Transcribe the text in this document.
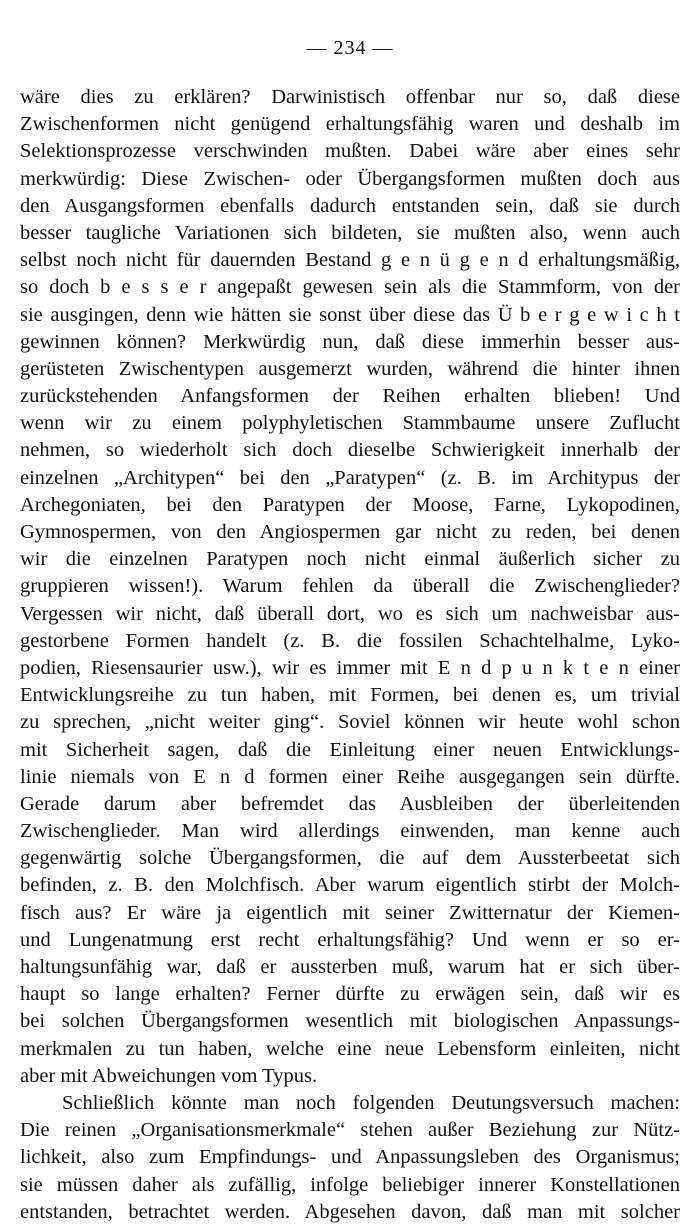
— 234 —
wäre dies zu erklären? Darwinistisch offenbar nur so, daß diese
Zwischenformen nicht genügend erhaltungsfähig waren und deshalb im
Selektionsprozesse verschwinden mußten. Dabei wäre aber eines sehr
merkwürdig: Diese Zwischen- oder Übergangsformen mußten doch aus
den Ausgangsformen ebenfalls dadurch entstanden sein, daß sie durch
besser taugliche Variationen sich bildeten, sie mußten also, wenn auch
selbst noch nicht für dauernden Bestand g e n ü g e n d erhaltungsmäßig,
so doch b e s s e r angepaßt gewesen sein als die Stammform, von der
sie ausgingen, denn wie hätten sie sonst über diese das Ü b e r g e w i c h t
gewinnen können? Merkwürdig nun, daß diese immerhin besser aus-
gerüsteten Zwischentypen ausgemerzt wurden, während die hinter ihnen
zurückstehenden Anfangsformen der Reihen erhalten blieben! Und
wenn wir zu einem polyphyletischen Stammbaume unsere Zuflucht
nehmen, so wiederholt sich doch dieselbe Schwierigkeit innerhalb der
einzelnen „Architypen“ bei den „Paratypen“ (z. B. im Architypus der
Archegoniaten, bei den Paratypen der Moose, Farne, Lykopodinen,
Gymnospermen, von den Angiospermen gar nicht zu reden, bei denen
wir die einzelnen Paratypen noch nicht einmal äußerlich sicher zu
gruppieren wissen!). Warum fehlen da überall die Zwischenglieder?
Vergessen wir nicht, daß überall dort, wo es sich um nachweisbar aus-
gestorbene Formen handelt (z. B. die fossilen Schachtelhalme, Lyko-
podien, Riesensaurier usw.), wir es immer mit E n d p u n k t e n einer
Entwicklungsreihe zu tun haben, mit Formen, bei denen es, um trivial
zu sprechen, „nicht weiter ging“. Soviel können wir heute wohl schon
mit Sicherheit sagen, daß die Einleitung einer neuen Entwicklungs-
linie niemals von E n d formen einer Reihe ausgegangen sein dürfte.
Gerade darum aber befremdet das Ausbleiben der überleitenden
Zwischenglieder. Man wird allerdings einwenden, man kenne auch
gegenwärtig solche Übergangsformen, die auf dem Aussterbeetat sich
befinden, z. B. den Molchfisch. Aber warum eigentlich stirbt der Molch-
fisch aus? Er wäre ja eigentlich mit seiner Zwitternatur der Kiemen-
und Lungenatmung erst recht erhaltungsfähig? Und wenn er so er-
haltungsunfähig war, daß er aussterben muß, warum hat er sich über-
haupt so lange erhalten? Ferner dürfte zu erwägen sein, daß wir es
bei solchen Übergangsformen wesentlich mit biologischen Anpassungs-
merkmalen zu tun haben, welche eine neue Lebensform einleiten, nicht
aber mit Abweichungen vom Typus.
Schließlich könnte man noch folgenden Deutungsversuch machen:
Die reinen „Organisationsmerkmale“ stehen außer Beziehung zur Nütz-
lichkeit, also zum Empfindungs- und Anpassungsleben des Organismus;
sie müssen daher als zufällig, infolge beliebiger innerer Konstellationen
entstanden, betrachtet werden. Abgesehen davon, daß man mit solcher
